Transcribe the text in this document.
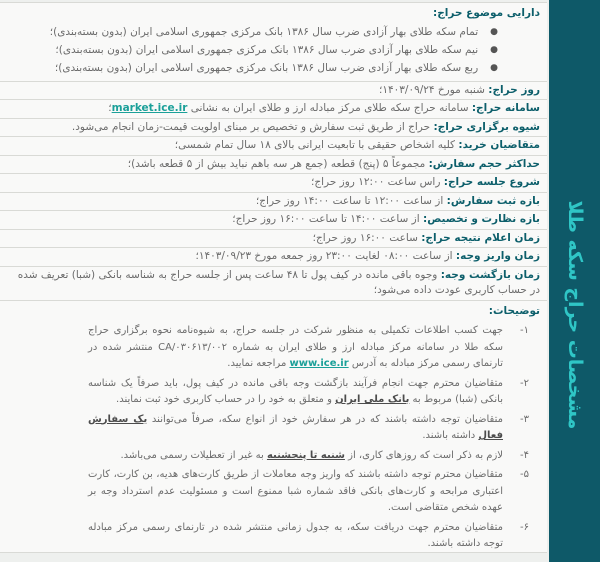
دارایی موضوع حراج:
●
تمام سکه طلای بهار آزادی ضرب سال ۱۳۸۶ بانک مرکزی جمهوری اسلامی ایران (بدون بسته‌بندی)؛
●
نیم سکه طلای بهار آزادی ضرب سال ۱۳۸۶ بانک مرکزی جمهوری اسلامی ایران (بدون بسته‌بندی)؛
●
ربع سکه طلای بهار آزادی ضرب سال ۱۳۸۶ بانک مرکزی جمهوری اسلامی ایران (بدون بسته‌بندی)؛
روز حراج: شنبه مورخ ۱۴۰۳/۰۹/۲۴؛
سامانه حراج: سامانه حراج سکه طلای مرکز مبادله ارز و طلای ایران به نشانی market.ice.ir؛
شیوه برگزاری حراج: حراج از طریق ثبت سفارش و تخصیص بر مبنای اولویت قیمت-زمان انجام می‌شود.
متقاضیان خرید: کلیه اشخاص حقیقی با تابعیت ایرانی بالای ۱۸ سال تمام شمسی؛
حداکثر حجم سفارش: مجموعاً ۵ (پنج) قطعه (جمع هر سه باهم نباید بیش از ۵ قطعه باشد)؛
شروع جلسه حراج: راس ساعت ۱۲:۰۰ روز حراج؛
بازه ثبت سفارش: از ساعت ۱۲:۰۰ تا ساعت ۱۴:۰۰ روز حراج؛
بازه نظارت و تخصیص: از ساعت ۱۴:۰۰ تا ساعت ۱۶:۰۰ روز حراج؛
زمان اعلام نتیجه حراج: ساعت ۱۶:۰۰ روز حراج؛
زمان واریز وجه: از ساعت ۰۸:۰۰ لغایت ۲۳:۰۰ روز جمعه مورخ ۱۴۰۳/۰۹/۲۳؛
زمان بازگشت وجه: وجوه باقی مانده در کیف پول تا ۴۸ ساعت پس از جلسه حراج به شناسه بانکی (شبا) تعریف شده در حساب کاربری عودت داده می‌شود؛
توضیحات:
۱-
جهت کسب اطلاعات تکمیلی به منظور شرکت در جلسه حراج، به شیوه‌نامه نحوه برگزاری حراج سکه طلا در سامانه مرکز مبادله ارز و طلای ایران به شماره CA/۰۳۰۶۱۳/۰۰۲ منتشر شده در تارنمای رسمی مرکز مبادله به آدرس www.ice.ir مراجعه نمایید.
۲-
متقاضیان محترم جهت انجام فرآیند بازگشت وجه باقی مانده در کیف پول، باید صرفاً یک شناسه بانکی (شبا) مربوط به بانک ملی ایران و متعلق به خود را در حساب کاربری خود ثبت نمایند.
۳-
متقاضیان توجه داشته باشند که در هر سفارش خود از انواع سکه، صرفاً می‌توانند یک سفارش فعال داشته باشند.
۴-
لازم به ذکر است که روزهای کاری، از شنبه تا پنجشنبه به غیر از تعطیلات رسمی می‌باشد.
۵-
متقاضیان محترم توجه داشته باشند که واریز وجه معاملات از طریق کارت‌های هدیه، بن کارت، کارت اعتباری مرابحه و کارت‌های بانکی فاقد شماره شبا ممنوع است و مسئولیت عدم استرداد وجه بر عهده شخص متقاضی است.
۶-
متقاضیان محترم جهت دریافت سکه، به جدول زمانی منتشر شده در تارنمای رسمی مرکز مبادله توجه داشته باشند.
مشخصات حراج سکه طلا
